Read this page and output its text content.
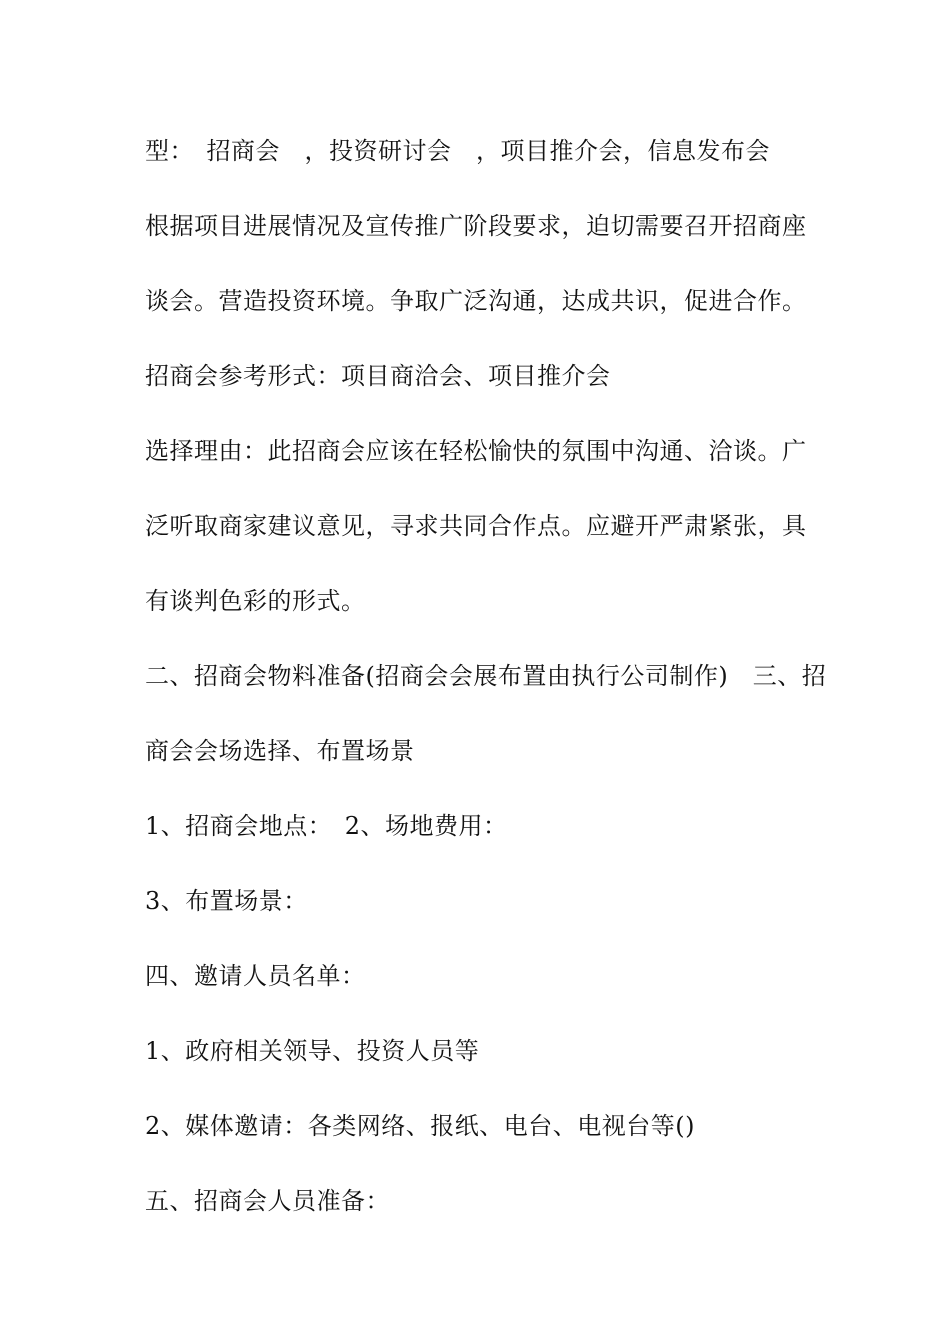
型：　招商会　，投资研讨会　，项目推介会，信息发布会
根据项目进展情况及宣传推广阶段要求，迫切需要召开招商座
谈会。营造投资环境。争取广泛沟通，达成共识，促进合作。
招商会参考形式：项目商洽会、项目推介会
选择理由：此招商会应该在轻松愉快的氛围中沟通、洽谈。广
泛听取商家建议意见，寻求共同合作点。应避开严肃紧张，具
有谈判色彩的形式。
二、招商会物料准备(招商会会展布置由执行公司制作)　三、招
商会会场选择、布置场景
1、招商会地点：　2、场地费用：
3、布置场景：
四、邀请人员名单：
1、政府相关领导、投资人员等
2、媒体邀请：各类网络、报纸、电台、电视台等()
五、招商会人员准备：
